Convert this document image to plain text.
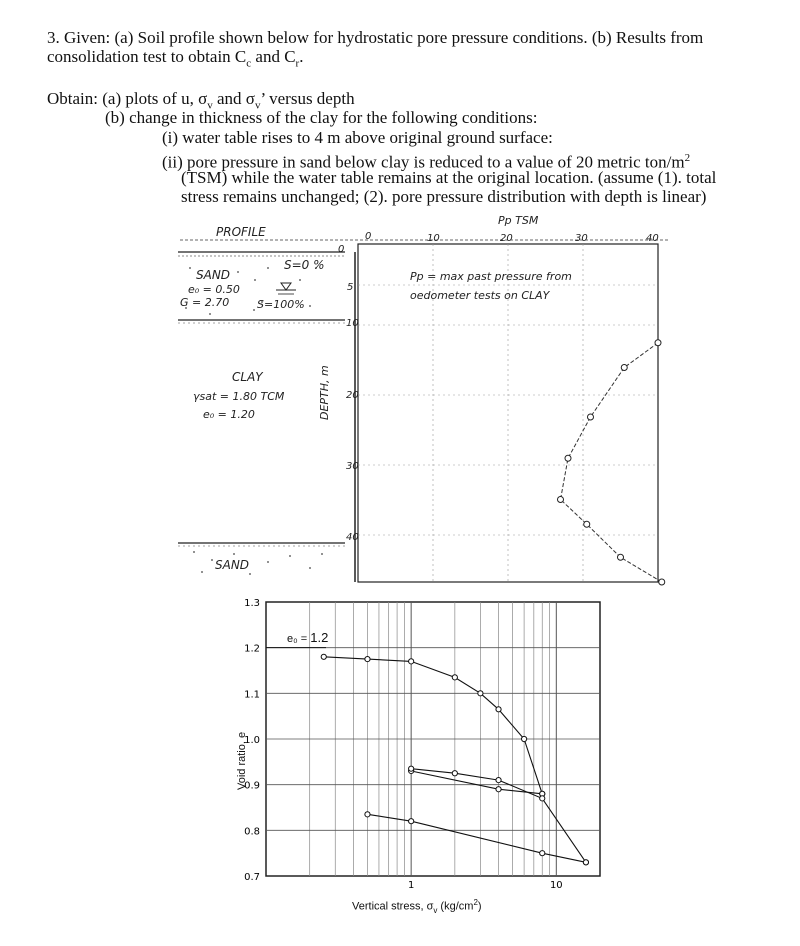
3. Given: (a) Soil profile shown below for hydrostatic pore pressure conditions. (b) Results from
consolidation test to obtain $C_c$ and $C_r$.
Obtain: (a) plots of u, $\sigma_v$ and $\sigma_v$’ versus depth
(b) change in thickness of the clay for the following conditions:
(i) water table rises to 4 m above original ground surface:
(ii) pore pressure in sand below clay is reduced to a value of 20 metric ton/$m^2$
(TSM) while the water table remains at the original location. (assume (1). total
stress remains unchanged; (2). pore pressure distribution with depth is linear)
PROFILE
SAND
e₀ = 0.50
G = 2.70
S=0 %
S=100%
CLAY
γsat = 1.80 TCM
e₀ = 1.20
SAND
DEPTH, m
0
5
10
20
30
40
Pp TSM
0	10	20	30	40
Pp = max past pressure from
oedometer tests on CLAY
1.3
1.2
1.1
1.0
0.9
0.8
0.7
1	10
Void ratio, e
Vertical stress, $\sigma_v$ $(kg/cm^2)$
e₀ = 1.2
